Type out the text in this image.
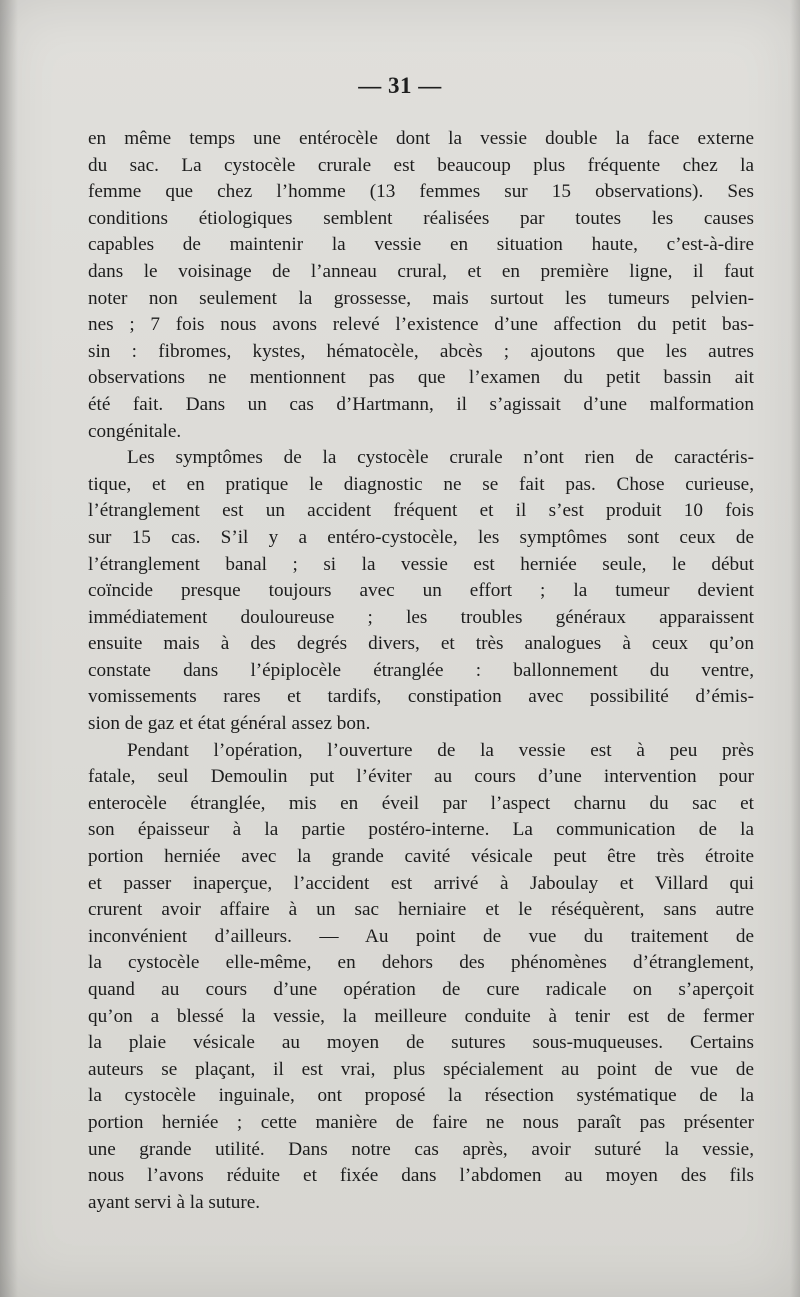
— 31 —
en même temps une entérocèle dont la vessie double la face externe
du sac. La cystocèle crurale est beaucoup plus fréquente chez la
femme que chez l’homme (13 femmes sur 15 observations). Ses
conditions étiologiques semblent réalisées par toutes les causes
capables de maintenir la vessie en situation haute, c’est-à-dire
dans le voisinage de l’anneau crural, et en première ligne, il faut
noter non seulement la grossesse, mais surtout les tumeurs pelvien-
nes ; 7 fois nous avons relevé l’existence d’une affection du petit bas-
sin : fibromes, kystes, hématocèle, abcès ; ajoutons que les autres
observations ne mentionnent pas que l’examen du petit bassin ait
été fait. Dans un cas d’Hartmann, il s’agissait d’une malformation
congénitale.
Les symptômes de la cystocèle crurale n’ont rien de caractéris-
tique, et en pratique le diagnostic ne se fait pas. Chose curieuse,
l’étranglement est un accident fréquent et il s’est produit 10 fois
sur 15 cas. S’il y a entéro-cystocèle, les symptômes sont ceux de
l’étranglement banal ; si la vessie est herniée seule, le début
coïncide presque toujours avec un effort ; la tumeur devient
immédiatement douloureuse ; les troubles généraux apparaissent
ensuite mais à des degrés divers, et très analogues à ceux qu’on
constate dans l’épiplocèle étranglée : ballonnement du ventre,
vomissements rares et tardifs, constipation avec possibilité d’émis-
sion de gaz et état général assez bon.
Pendant l’opération, l’ouverture de la vessie est à peu près
fatale, seul Demoulin put l’éviter au cours d’une intervention pour
enterocèle étranglée, mis en éveil par l’aspect charnu du sac et
son épaisseur à la partie postéro-interne. La communication de la
portion herniée avec la grande cavité vésicale peut être très étroite
et passer inaperçue, l’accident est arrivé à Jaboulay et Villard qui
crurent avoir affaire à un sac herniaire et le réséquèrent, sans autre
inconvénient d’ailleurs. — Au point de vue du traitement de
la cystocèle elle-même, en dehors des phénomènes d’étranglement,
quand au cours d’une opération de cure radicale on s’aperçoit
qu’on a blessé la vessie, la meilleure conduite à tenir est de fermer
la plaie vésicale au moyen de sutures sous-muqueuses. Certains
auteurs se plaçant, il est vrai, plus spécialement au point de vue de
la cystocèle inguinale, ont proposé la résection systématique de la
portion herniée ; cette manière de faire ne nous paraît pas présenter
une grande utilité. Dans notre cas après, avoir suturé la vessie,
nous l’avons réduite et fixée dans l’abdomen au moyen des fils
ayant servi à la suture.
